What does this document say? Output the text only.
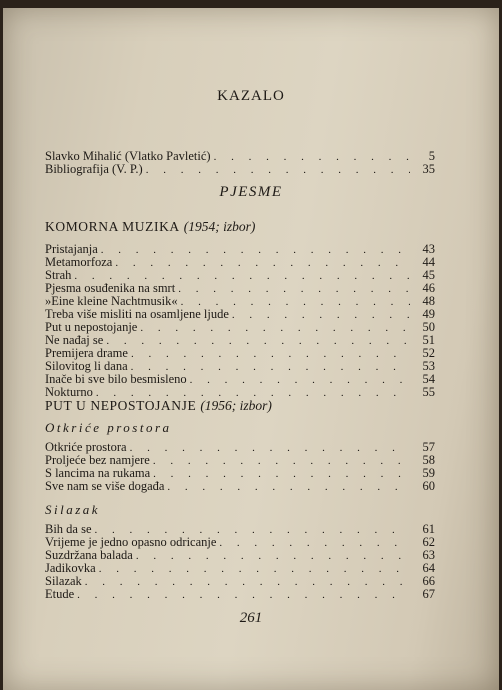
KAZALO
Slavko Mihalić (Vlatko Pavletić) . . .	5
Bibliografija (V. P.) . . .	35
PJESME
KOMORNA MUZIKA
(1954; izbor)
Pristajanja . . .	43
Metamorfoza . . .	44
Strah . . .	45
Pjesma osuđenika na smrt . . .	46
»Eine kleine Nachtmusik« . . .	48
Treba više misliti na osamljene ljude . . .	49
Put u nepostojanje . . .	50
Ne nađaj se . . .	51
Premijera drame . . .	52
Silovitog li dana . . .	53
Inače bi sve bilo besmisleno . . .	54
Nokturno . . .	55
PUT U NEPOSTOJANJE
(1956; izbor)
Otkriće prostora
Otkriće prostora . . .	57
Proljeće bez namjere . . .	58
S lancima na rukama . . .	59
Sve nam se više događa . . .	60
Silazak
Bih da se . . .	61
Vrijeme je jedno opasno odricanje . . .	62
Suzdržana balada . . .	63
Jadikovka . . .	64
Silazak . . .	66
Etude . . .	67
261
